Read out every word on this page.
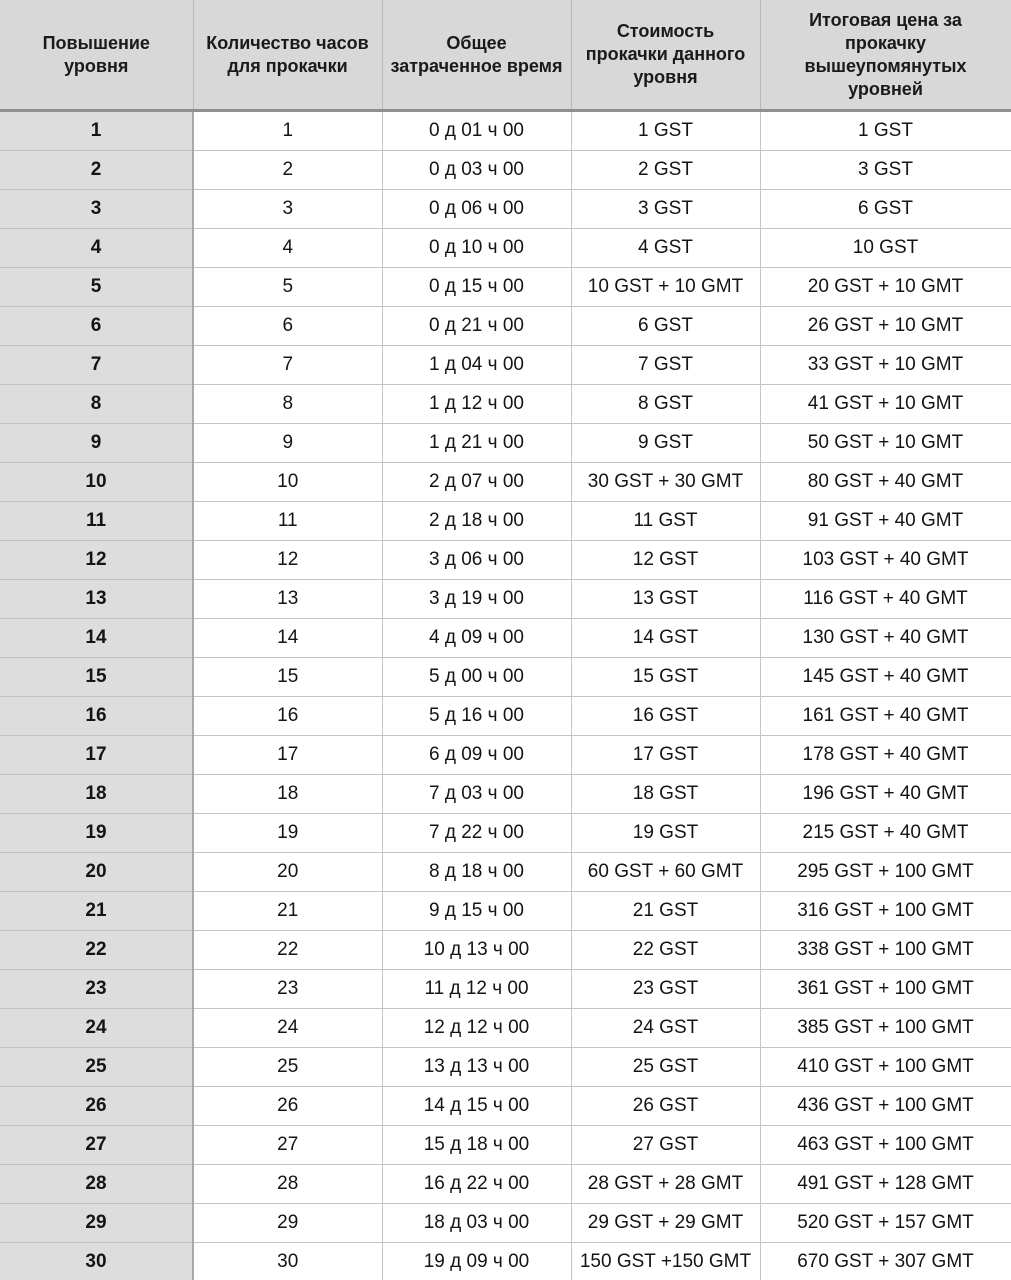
Повышение уровня	Количество часов для прокачки	Общее затраченное время	Стоимость прокачки данного уровня	Итоговая цена за прокачку вышеупомянутых уровней
1	1	0 д 01 ч 00	1 GST	1 GST
2	2	0 д 03 ч 00	2 GST	3 GST
3	3	0 д 06 ч 00	3 GST	6 GST
4	4	0 д 10 ч 00	4 GST	10 GST
5	5	0 д 15 ч 00	10 GST + 10 GMT	20 GST + 10 GMT
6	6	0 д 21 ч 00	6 GST	26 GST + 10 GMT
7	7	1 д 04 ч 00	7 GST	33 GST + 10 GMT
8	8	1 д 12 ч 00	8 GST	41 GST + 10 GMT
9	9	1 д 21 ч 00	9 GST	50 GST + 10 GMT
10	10	2 д 07 ч 00	30 GST + 30 GMT	80 GST + 40 GMT
11	11	2 д 18 ч 00	11 GST	91 GST + 40 GMT
12	12	3 д 06 ч 00	12 GST	103 GST + 40 GMT
13	13	3 д 19 ч 00	13 GST	116 GST + 40 GMT
14	14	4 д 09 ч 00	14 GST	130 GST + 40 GMT
15	15	5 д 00 ч 00	15 GST	145 GST + 40 GMT
16	16	5 д 16 ч 00	16 GST	161 GST + 40 GMT
17	17	6 д 09 ч 00	17 GST	178 GST + 40 GMT
18	18	7 д 03 ч 00	18 GST	196 GST + 40 GMT
19	19	7 д 22 ч 00	19 GST	215 GST + 40 GMT
20	20	8 д 18 ч 00	60 GST + 60 GMT	295 GST + 100 GMT
21	21	9 д 15 ч 00	21 GST	316 GST + 100 GMT
22	22	10 д 13 ч 00	22 GST	338 GST + 100 GMT
23	23	11 д 12 ч 00	23 GST	361 GST + 100 GMT
24	24	12 д 12 ч 00	24 GST	385 GST + 100 GMT
25	25	13 д 13 ч 00	25 GST	410 GST + 100 GMT
26	26	14 д 15 ч 00	26 GST	436 GST + 100 GMT
27	27	15 д 18 ч 00	27 GST	463 GST + 100 GMT
28	28	16 д 22 ч 00	28 GST + 28 GMT	491 GST + 128 GMT
29	29	18 д 03 ч 00	29 GST + 29 GMT	520 GST + 157 GMT
30	30	19 д 09 ч 00	150 GST +150 GMT	670 GST + 307 GMT
